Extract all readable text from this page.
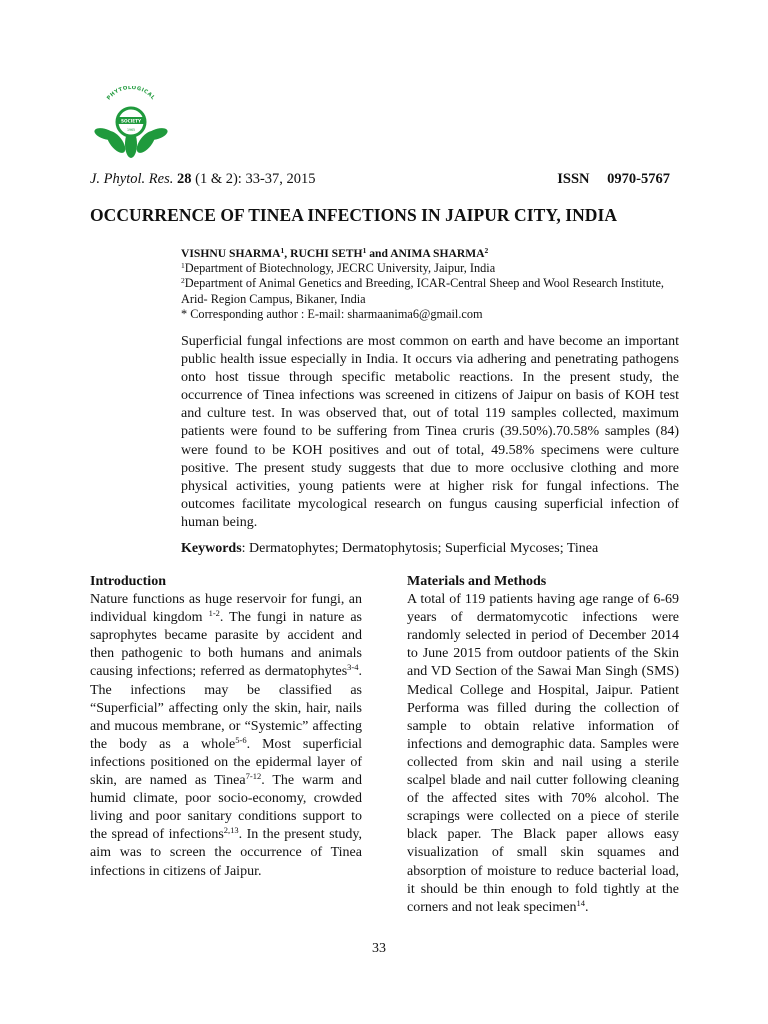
PHYTOLOGICAL
SOCIETY
1965
J. Phytol. Res. 28 (1 & 2): 33-37, 2015	ISSN 0970-5767
OCCURRENCE OF TINEA INFECTIONS IN JAIPUR CITY, INDIA
VISHNU SHARMA$^1$, RUCHI SETH$^1$ and ANIMA SHARMA$^2$
$^1$Department of Biotechnology, JECRC University, Jaipur, India
$^2$Department of Animal Genetics and Breeding, ICAR-Central Sheep and Wool Research Institute, Arid- Region Campus, Bikaner, India
* Corresponding author : E-mail: sharmaanima6@gmail.com
Superficial fungal infections are most common on earth and have become an important public health issue especially in India. It occurs via adhering and penetrating pathogens onto host tissue through specific metabolic reactions. In the present study, the occurrence of Tinea infections was screened in citizens of Jaipur on basis of KOH test and culture test. In was observed that, out of total 119 samples collected, maximum patients were found to be suffering from Tinea cruris (39.50%).70.58% samples (84) were found to be KOH positives and out of total, 49.58% specimens were culture positive. The present study suggests that due to more occlusive clothing and more physical activities, young patients were at higher risk for fungal infections. The outcomes facilitate mycological research on fungus causing superficial infection of human being.
Keywords: Dermatophytes; Dermatophytosis; Superficial Mycoses; Tinea
Introduction

Nature functions as huge reservoir for fungi, an individual kingdom $^{1-2}$. The fungi in nature as saprophytes became parasite by accident and then pathogenic to both humans and animals causing infections; referred as dermatophytes$^{3-4}$. The infections may be classified as “Superficial” affecting only the skin, hair, nails and mucous membrane, or “Systemic” affecting the body as a whole$^{5-6}$. Most superficial infections positioned on the epidermal layer of skin, are named as Tinea$^{7-12}$. The warm and humid climate, poor socio-economy, crowded living and poor sanitary conditions support to the spread of infections$^{2,13}$. In the present study, aim was to screen the occurrence of Tinea infections in citizens of Jaipur.

Materials and Methods

A total of 119 patients having age range of 6-69 years of dermatomycotic infections were randomly selected in period of December 2014 to June 2015 from outdoor patients of the Skin and VD Section of the Sawai Man Singh (SMS) Medical College and Hospital, Jaipur. Patient Performa was filled during the collection of sample to obtain relative information of infections and demographic data. Samples were collected from skin and nail using a sterile scalpel blade and nail cutter following cleaning of the affected sites with 70% alcohol. The scrapings were collected on a piece of sterile black paper. The Black paper allows easy visualization of small skin squames and absorption of moisture to reduce bacterial load, it should be thin enough to fold tightly at the corners and not leak specimen$^{14}$.

33
